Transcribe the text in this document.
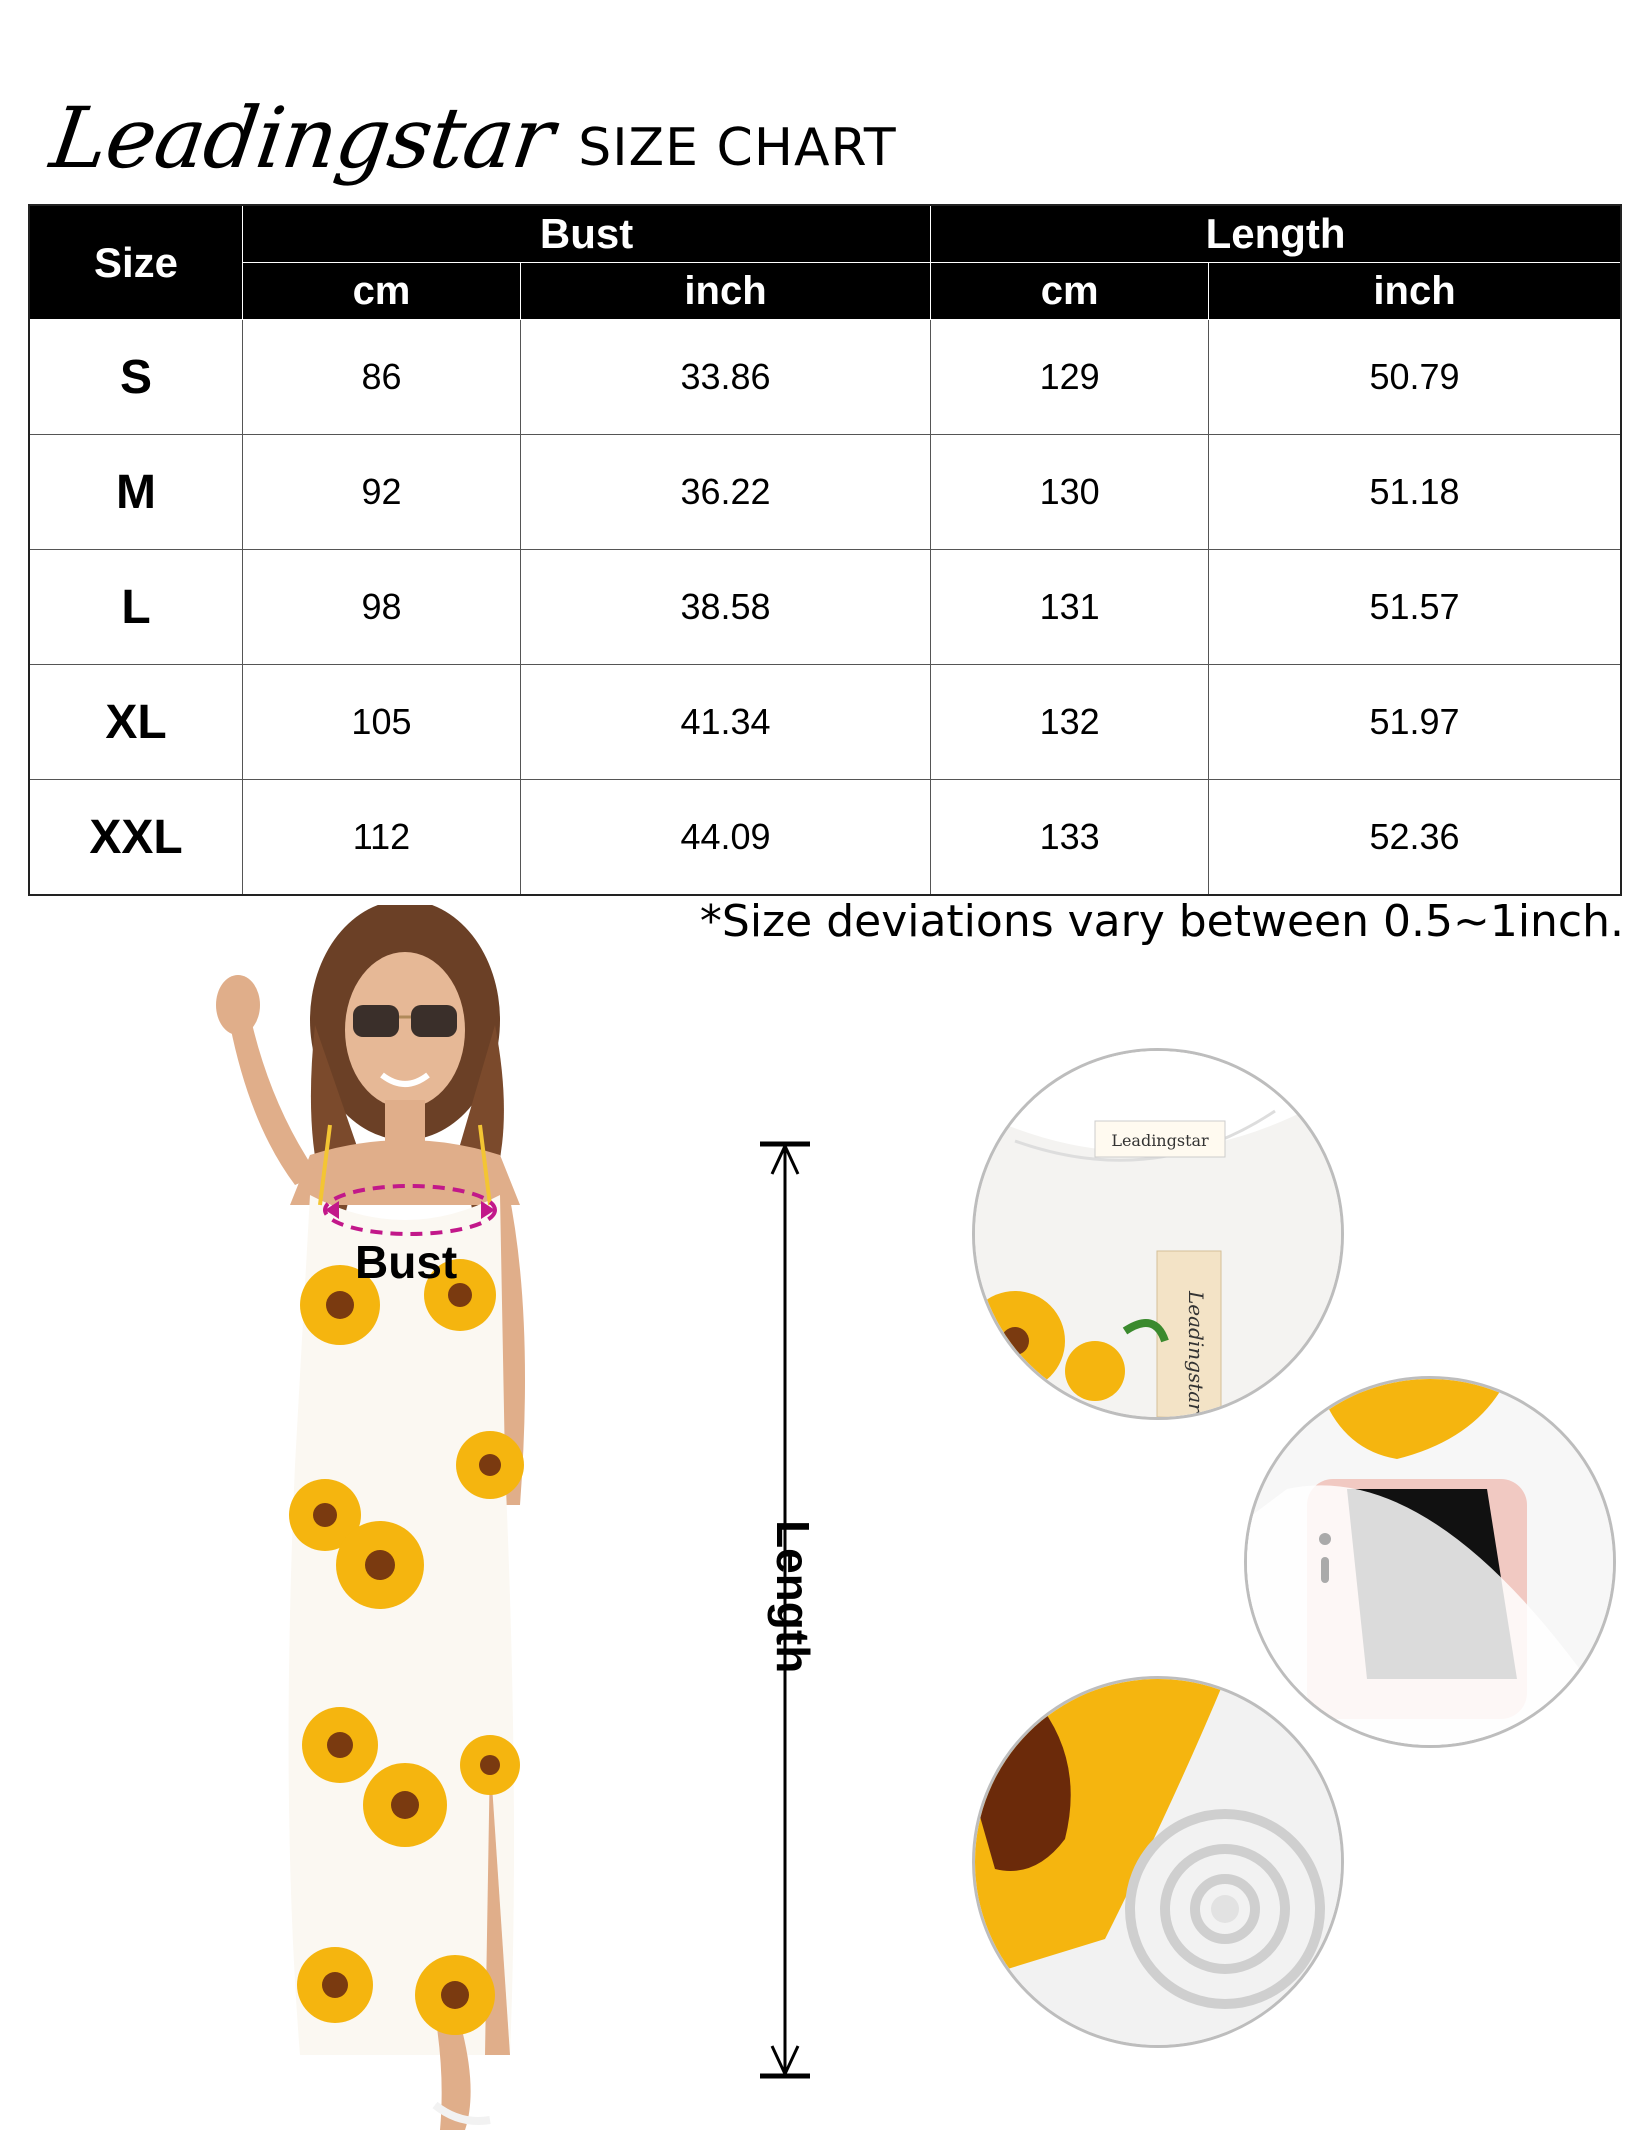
Leadingstar SIZE CHART
Size	Bust		Length	
	cm	inch	cm	inch
S	86	33.86	129	50.79
M	92	36.22	130	51.18
L	98	38.58	131	51.57
XL	105	41.34	132	51.97
XXL	112	44.09	133	52.36
*Size deviations vary between 0.5~1inch.
Bust
Length
Leadingstar
Leadingstar
